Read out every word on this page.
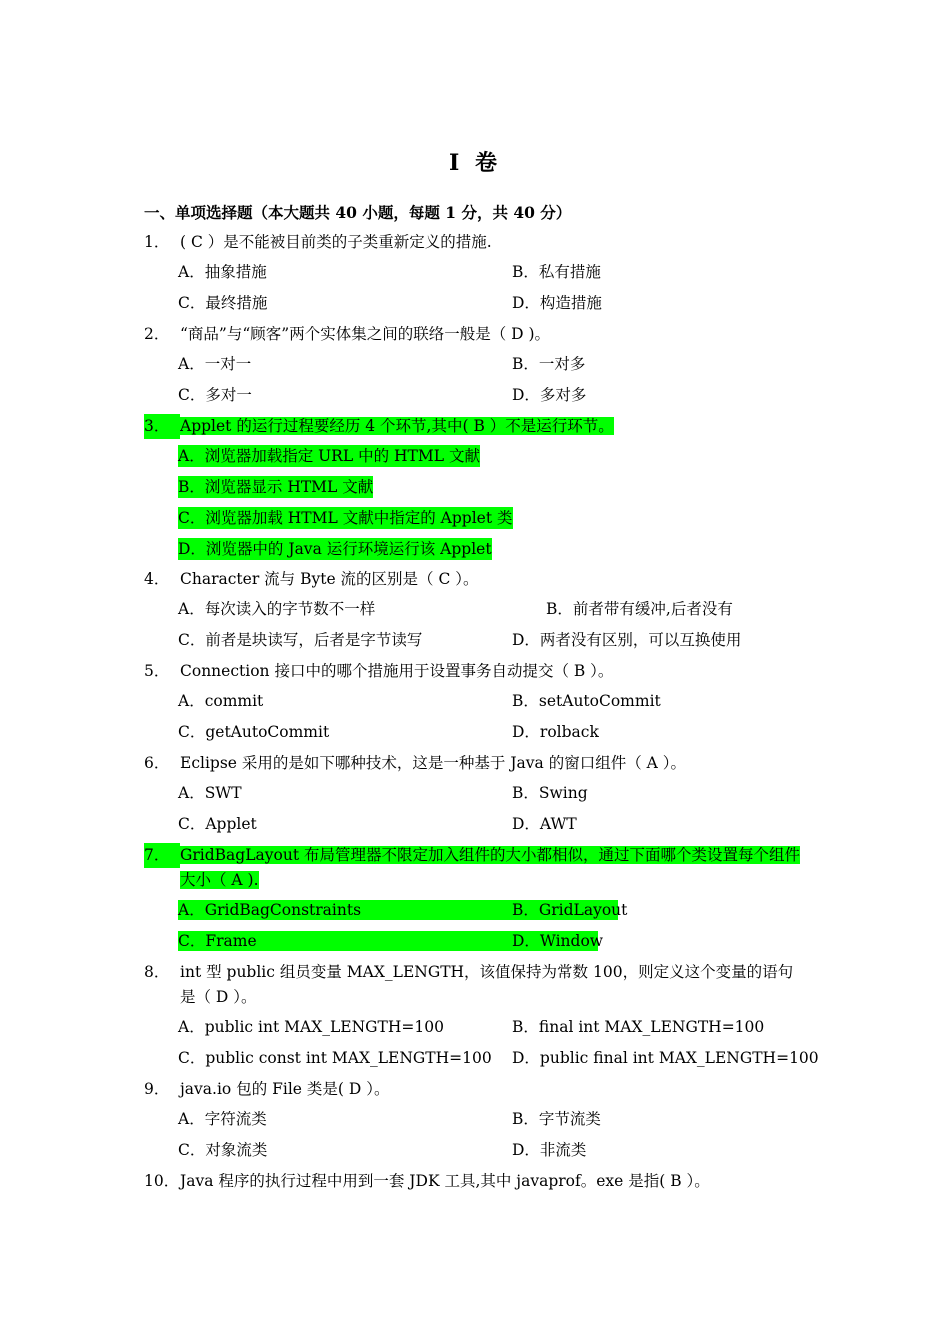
I 卷
一、单项选择题（本大题共 40 小题，每题 1 分，共 40 分）
1． ( C ）是不能被目前类的子类重新定义的措施.
A．抽象措施	B．私有措施
C．最终措施	D．构造措施
2． “商品”与“顾客”两个实体集之间的联络一般是（ D )。
A．一对一	B．一对多
C．多对一	D．多对多
3． Applet 的运行过程要经历 4 个环节,其中( B ）不是运行环节。
A．浏览器加载指定 URL 中的 HTML 文献
B．浏览器显示 HTML 文献
C．浏览器加载 HTML 文献中指定的 Applet 类
D．浏览器中的 Java 运行环境运行该 Applet
4． Character 流与 Byte 流的区别是（ C ）。
A．每次读入的字节数不一样	B．前者带有缓冲,后者没有
C．前者是块读写，后者是字节读写	D．两者没有区别，可以互换使用
5． Connection 接口中的哪个措施用于设置事务自动提交（ B ）。
A．commit	B．setAutoCommit
C．getAutoCommit	D．rolback
6． Eclipse 采用的是如下哪种技术，这是一种基于 Java 的窗口组件（ A ）。
A．SWT	B．Swing
C．Applet	D．AWT
7． GridBagLayout 布局管理器不限定加入组件的大小都相似，通过下面哪个类设置每个组件大小（ A ).
A．GridBagConstraints	B．GridLayout
C．Frame	D．Window
8． int 型 public 组员变量 MAX_LENGTH，该值保持为常数 100，则定义这个变量的语句是（ D ）。
A．public int MAX_LENGTH=100	B．final int MAX_LENGTH=100
C．public const int MAX_LENGTH=100 D．public final int MAX_LENGTH=100
9． java.io 包的 File 类是( D ）。
A．字符流类	B．字节流类
C．对象流类	D．非流类
10． Java 程序的执行过程中用到一套 JDK 工具,其中 javaprof。exe 是指( B ）。
